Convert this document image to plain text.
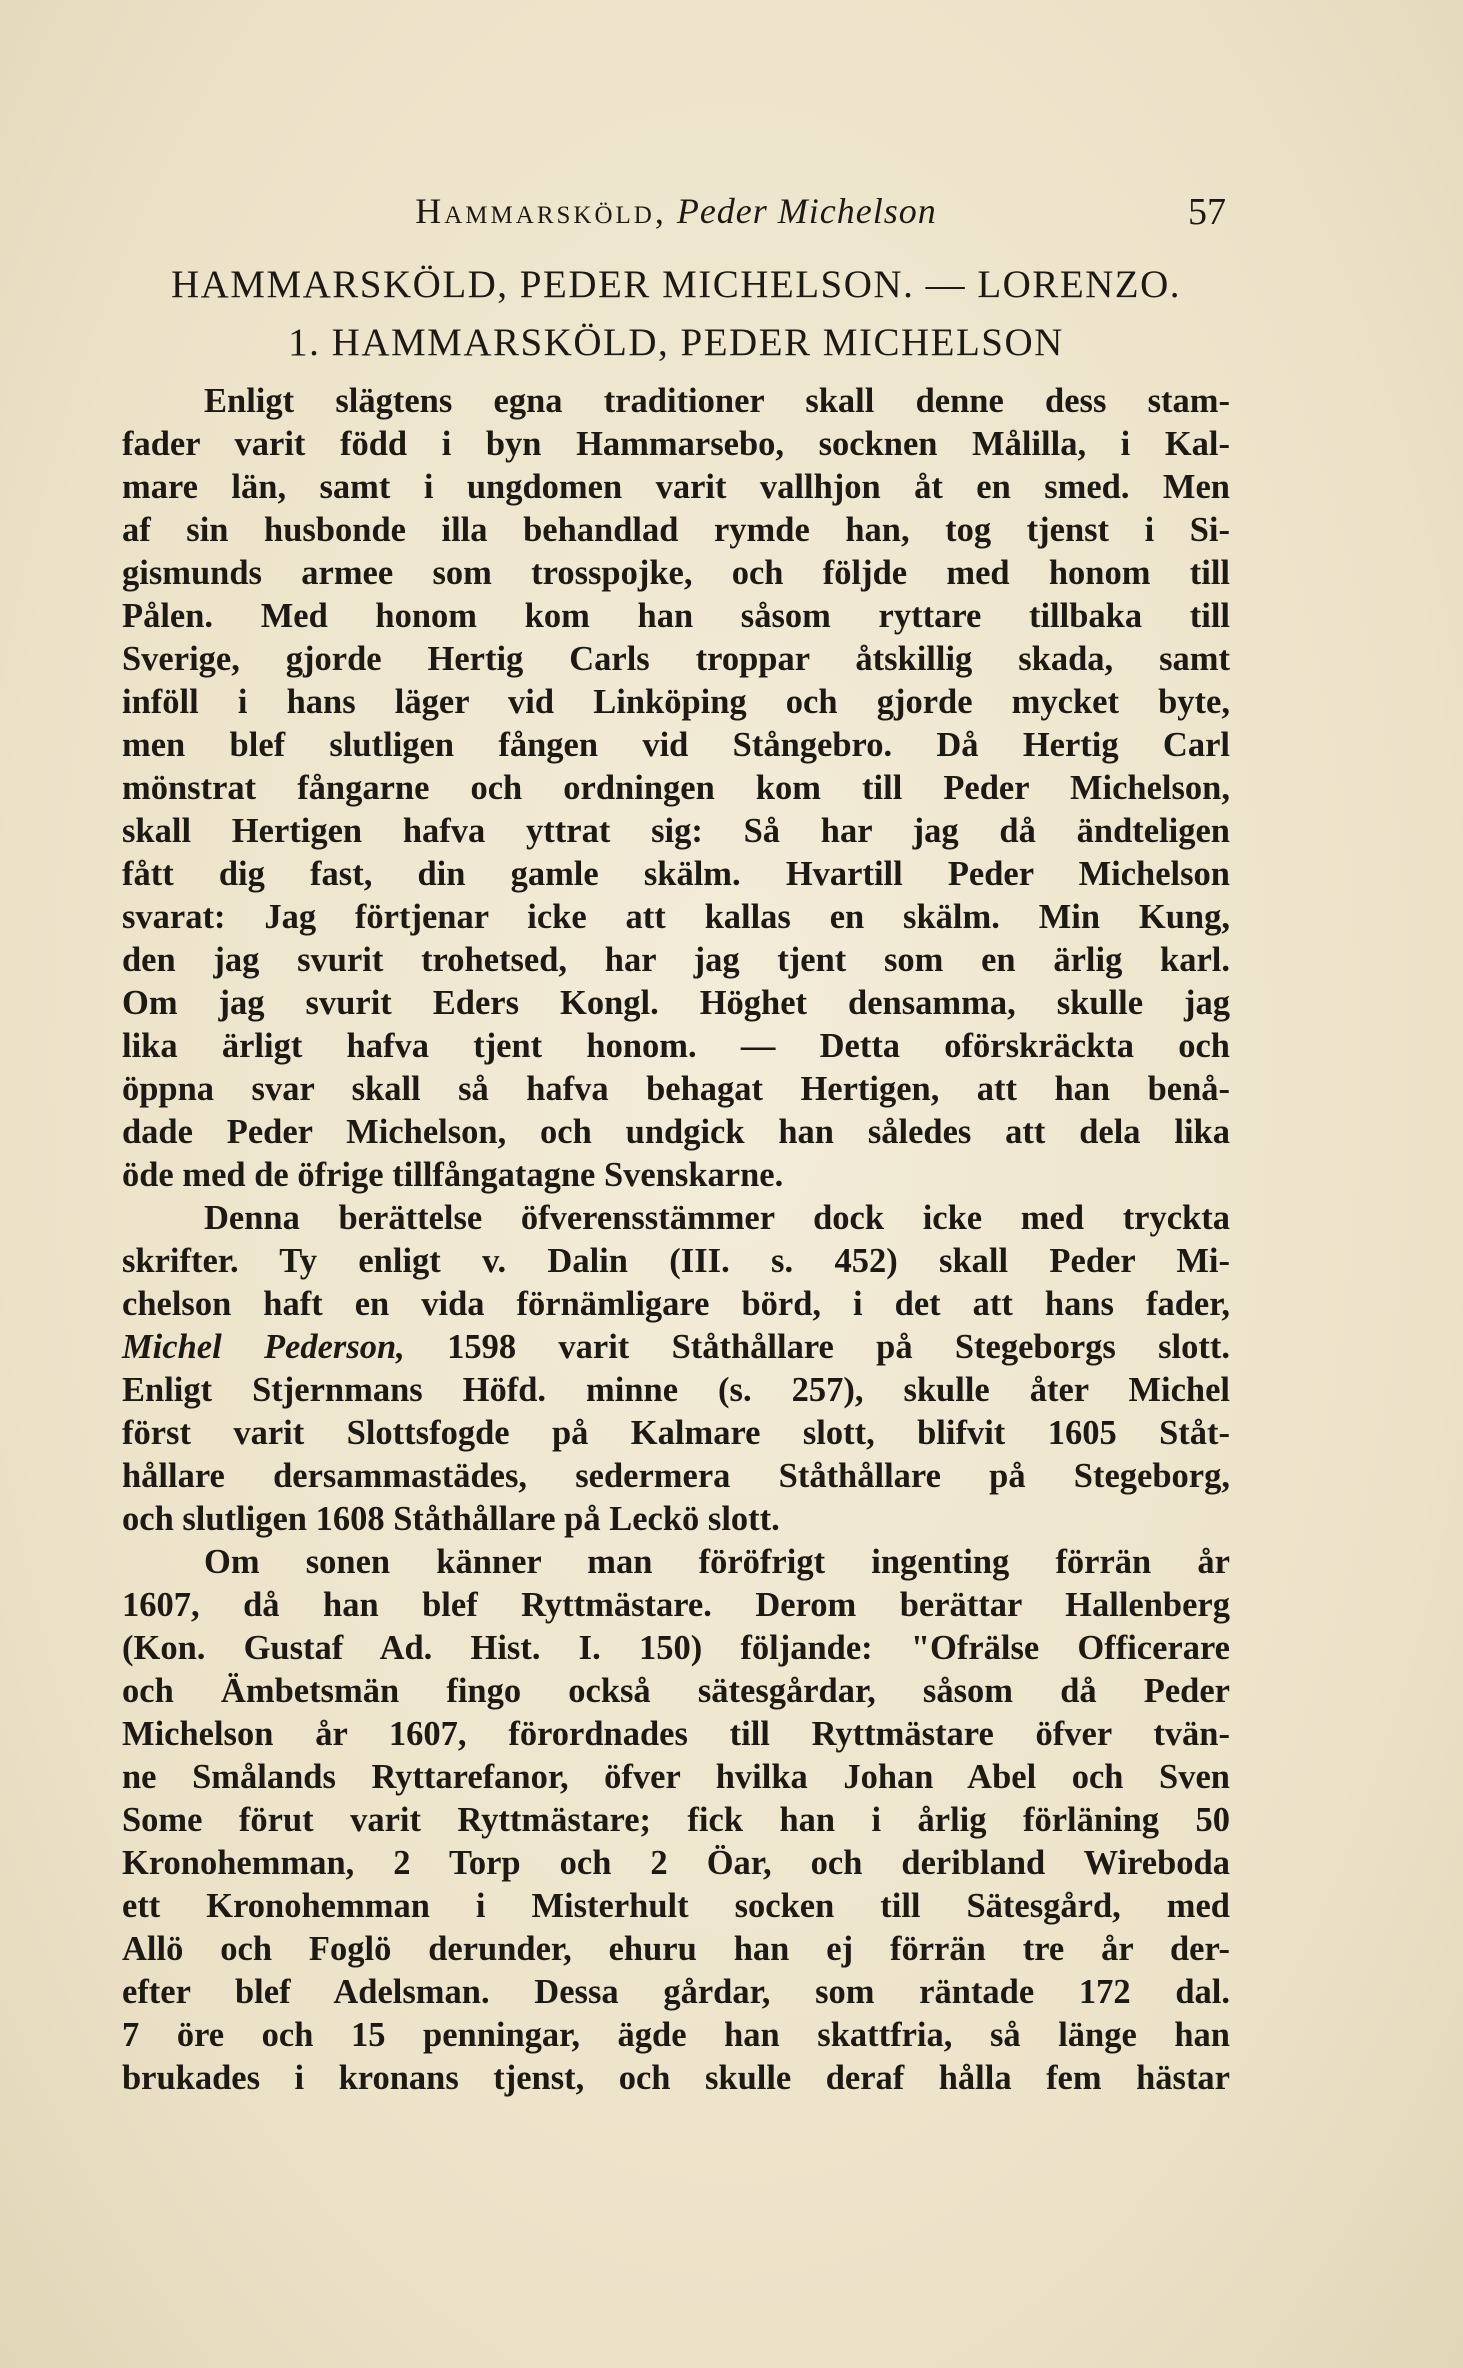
Hammarsköld, Peder Michelson	57
HAMMARSKÖLD, PEDER MICHELSON. — LORENZO.
1. HAMMARSKÖLD, PEDER MICHELSON
Enligt slägtens egna traditioner skall denne dess stam-
fader varit född i byn Hammarsebo, socknen Målilla, i Kal-
mare län, samt i ungdomen varit vallhjon åt en smed. Men
af sin husbonde illa behandlad rymde han, tog tjenst i Si-
gismunds armee som trosspojke, och följde med honom till
Pålen. Med honom kom han såsom ryttare tillbaka till
Sverige, gjorde Hertig Carls troppar åtskillig skada, samt
inföll i hans läger vid Linköping och gjorde mycket byte,
men blef slutligen fången vid Stångebro. Då Hertig Carl
mönstrat fångarne och ordningen kom till Peder Michelson,
skall Hertigen hafva yttrat sig: Så har jag då ändteligen
fått dig fast, din gamle skälm. Hvartill Peder Michelson
svarat: Jag förtjenar icke att kallas en skälm. Min Kung,
den jag svurit trohetsed, har jag tjent som en ärlig karl.
Om jag svurit Eders Kongl. Höghet densamma, skulle jag
lika ärligt hafva tjent honom. — Detta oförskräckta och
öppna svar skall så hafva behagat Hertigen, att han benå-
dade Peder Michelson, och undgick han således att dela lika
öde med de öfrige tillfångatagne Svenskarne.
Denna berättelse öfverensstämmer dock icke med tryckta
skrifter. Ty enligt v. Dalin (III. s. 452) skall Peder Mi-
chelson haft en vida förnämligare börd, i det att hans fader,
Michel Pederson, 1598 varit Ståthållare på Stegeborgs slott.
Enligt Stjernmans Höfd. minne (s. 257), skulle åter Michel
först varit Slottsfogde på Kalmare slott, blifvit 1605 Ståt-
hållare dersammastädes, sedermera Ståthållare på Stegeborg,
och slutligen 1608 Ståthållare på Leckö slott.
Om sonen känner man föröfrigt ingenting förrän år
1607, då han blef Ryttmästare. Derom berättar Hallenberg
(Kon. Gustaf Ad. Hist. I. 150) följande: "Ofrälse Officerare
och Ämbetsmän fingo också sätesgårdar, såsom då Peder
Michelson år 1607, förordnades till Ryttmästare öfver tvän-
ne Smålands Ryttarefanor, öfver hvilka Johan Abel och Sven
Some förut varit Ryttmästare; fick han i årlig förläning 50
Kronohemman, 2 Torp och 2 Öar, och deribland Wireboda
ett Kronohemman i Misterhult socken till Sätesgård, med
Allö och Foglö derunder, ehuru han ej förrän tre år der-
efter blef Adelsman. Dessa gårdar, som räntade 172 dal.
7 öre och 15 penningar, ägde han skattfria, så länge han
brukades i kronans tjenst, och skulle deraf hålla fem hästar
